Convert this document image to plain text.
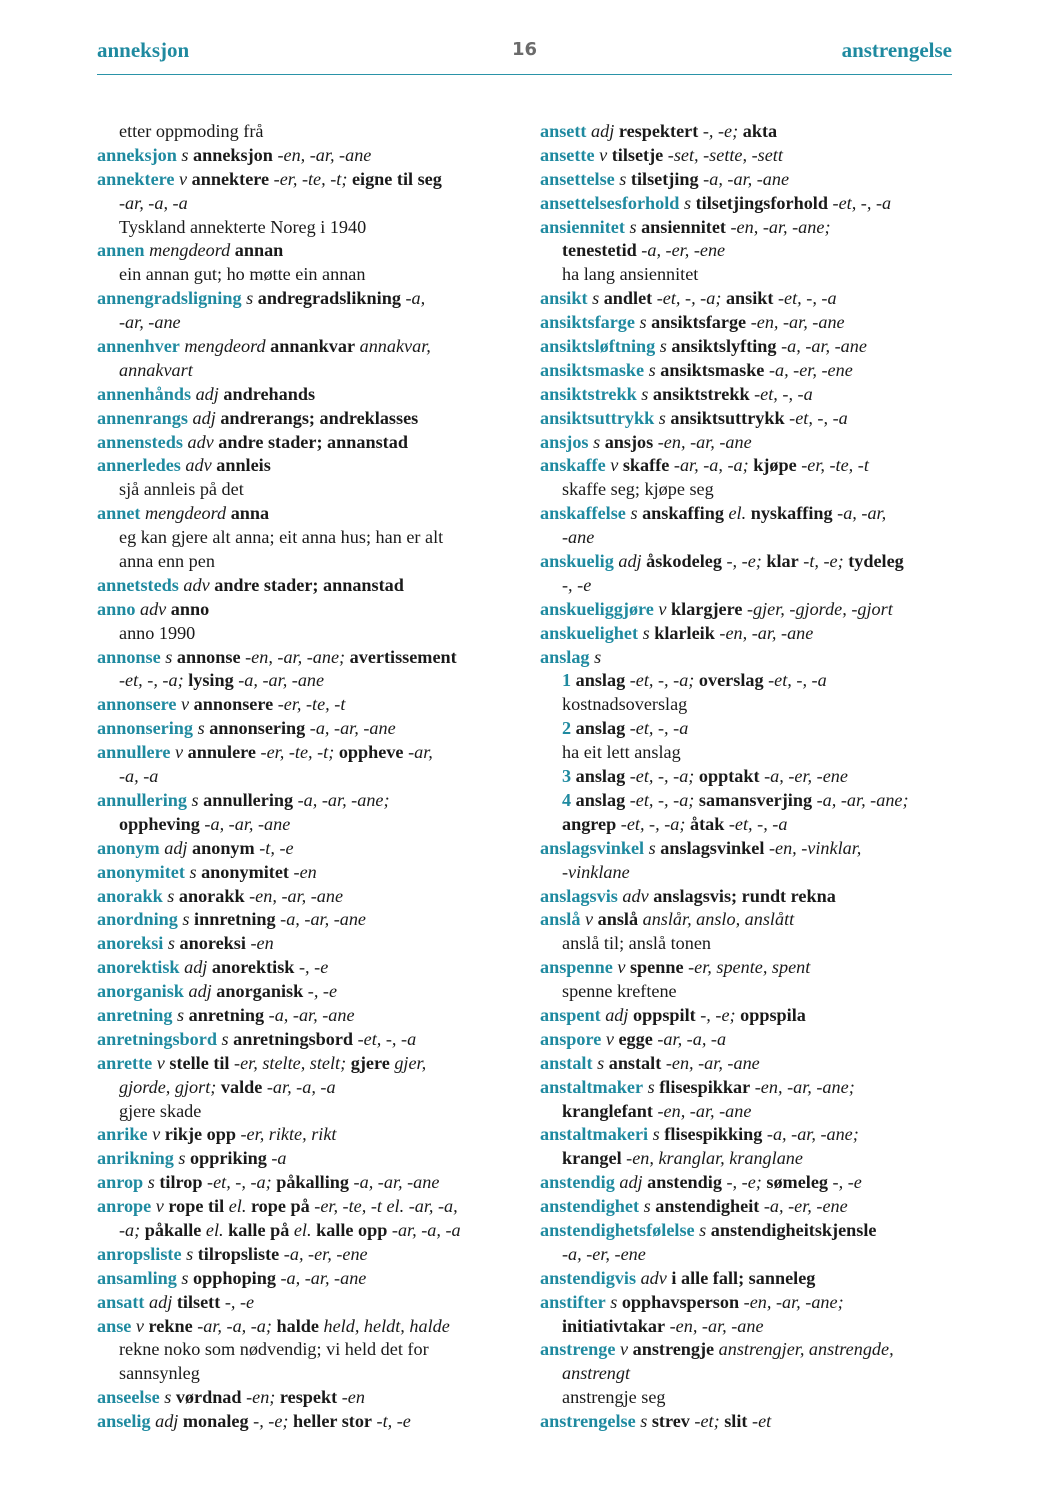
anneksjon	16	anstrengelse
etter oppmoding frå
anneksjon s anneksjon -en, -ar, -ane
annektere v annektere -er, -te, -t; eigne til seg
-ar, -a, -a
Tyskland annekterte Noreg i 1940
annen mengdeord annan
ein annan gut; ho møtte ein annan
annengradsligning s andregradslikning -a,
-ar, -ane
annenhver mengdeord annankvar annakvar,
annakvart
annenhånds adj andrehands
annenrangs adj andrerangs; andreklasses
annensteds adv andre stader; annanstad
annerledes adv annleis
sjå annleis på det
annet mengdeord anna
eg kan gjere alt anna; eit anna hus; han er alt
anna enn pen
annetsteds adv andre stader; annanstad
anno adv anno
anno 1990
annonse s annonse -en, -ar, -ane; avertissement
-et, -, -a; lysing -a, -ar, -ane
annonsere v annonsere -er, -te, -t
annonsering s annonsering -a, -ar, -ane
annullere v annulere -er, -te, -t; oppheve -ar,
-a, -a
annullering s annullering -a, -ar, -ane;
oppheving -a, -ar, -ane
anonym adj anonym -t, -e
anonymitet s anonymitet -en
anorakk s anorakk -en, -ar, -ane
anordning s innretning -a, -ar, -ane
anoreksi s anoreksi -en
anorektisk adj anorektisk -, -e
anorganisk adj anorganisk -, -e
anretning s anretning -a, -ar, -ane
anretningsbord s anretningsbord -et, -, -a
anrette v stelle til -er, stelte, stelt; gjere gjer,
gjorde, gjort; valde -ar, -a, -a
gjere skade
anrike v rikje opp -er, rikte, rikt
anrikning s oppriking -a
anrop s tilrop -et, -, -a; påkalling -a, -ar, -ane
anrope v rope til el. rope på -er, -te, -t el. -ar, -a,
-a; påkalle el. kalle på el. kalle opp -ar, -a, -a
anropsliste s tilropsliste -a, -er, -ene
ansamling s opphoping -a, -ar, -ane
ansatt adj tilsett -, -e
anse v rekne -ar, -a, -a; halde held, heldt, halde
rekne noko som nødvendig; vi held det for
sannsynleg
anseelse s vørdnad -en; respekt -en
anselig adj monaleg -, -e; heller stor -t, -e
ansett adj respektert -, -e; akta
ansette v tilsetje -set, -sette, -sett
ansettelse s tilsetjing -a, -ar, -ane
ansettelsesforhold s tilsetjingsforhold -et, -, -a
ansiennitet s ansiennitet -en, -ar, -ane;
tenestetid -a, -er, -ene
ha lang ansiennitet
ansikt s andlet -et, -, -a; ansikt -et, -, -a
ansiktsfarge s ansiktsfarge -en, -ar, -ane
ansiktsløftning s ansiktslyfting -a, -ar, -ane
ansiktsmaske s ansiktsmaske -a, -er, -ene
ansiktstrekk s ansiktstrekk -et, -, -a
ansiktsuttrykk s ansiktsuttrykk -et, -, -a
ansjos s ansjos -en, -ar, -ane
anskaffe v skaffe -ar, -a, -a; kjøpe -er, -te, -t
skaffe seg; kjøpe seg
anskaffelse s anskaffing el. nyskaffing -a, -ar,
-ane
anskuelig adj åskodeleg -, -e; klar -t, -e; tydeleg
-, -e
anskueliggjøre v klargjere -gjer, -gjorde, -gjort
anskuelighet s klarleik -en, -ar, -ane
anslag s
1 anslag -et, -, -a; overslag -et, -, -a
kostnadsoverslag
2 anslag -et, -, -a
ha eit lett anslag
3 anslag -et, -, -a; opptakt -a, -er, -ene
4 anslag -et, -, -a; samansverjing -a, -ar, -ane;
angrep -et, -, -a; åtak -et, -, -a
anslagsvinkel s anslagsvinkel -en, -vinklar,
-vinklane
anslagsvis adv anslagsvis; rundt rekna
anslå v anslå anslår, anslo, anslått
anslå til; anslå tonen
anspenne v spenne -er, spente, spent
spenne kreftene
anspent adj oppspilt -, -e; oppspila
anspore v egge -ar, -a, -a
anstalt s anstalt -en, -ar, -ane
anstaltmaker s flisespikkar -en, -ar, -ane;
kranglefant -en, -ar, -ane
anstaltmakeri s flisespikking -a, -ar, -ane;
krangel -en, kranglar, kranglane
anstendig adj anstendig -, -e; sømeleg -, -e
anstendighet s anstendigheit -a, -er, -ene
anstendighetsfølelse s anstendigheitskjensle
-a, -er, -ene
anstendigvis adv i alle fall; sanneleg
anstifter s opphavsperson -en, -ar, -ane;
initiativtakar -en, -ar, -ane
anstrenge v anstrengje anstrengjer, anstrengde,
anstrengt
anstrengje seg
anstrengelse s strev -et; slit -et
